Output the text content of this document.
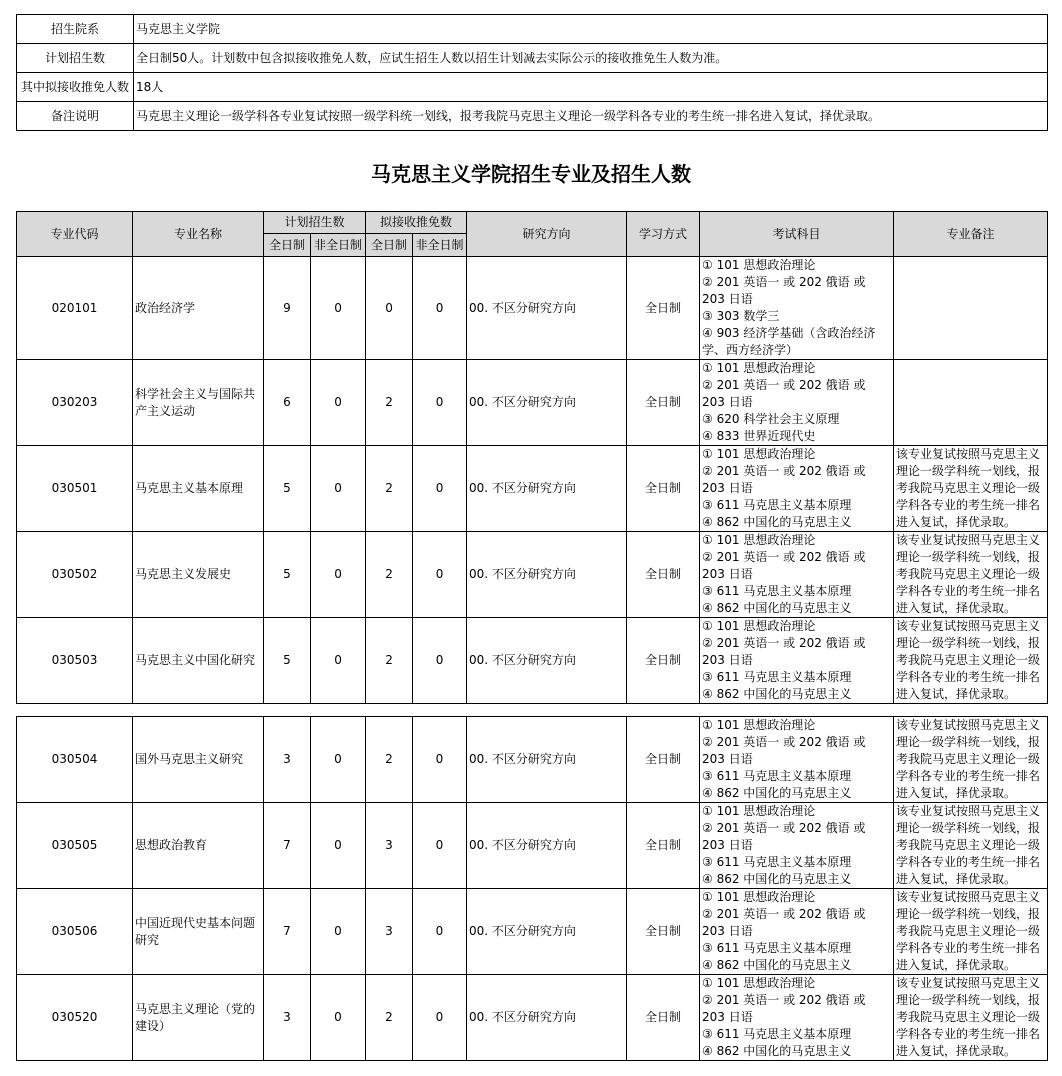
招生院系	马克思主义学院
计划招生数	全日制50人。计划数中包含拟接收推免人数，应试生招生人数以招生计划减去实际公示的接收推免生人数为准。
其中拟接收推免人数	18人
备注说明	马克思主义理论一级学科各专业复试按照一级学科统一划线，报考我院马克思主义理论一级学科各专业的考生统一排名进入复试，择优录取。
马克思主义学院招生专业及招生人数
专业代码	专业名称	计划招生数		拟接收推免数		研究方向	学习方式	考试科目	专业备注
		全日制	非全日制	全日制	非全日制				
020101	政治经济学	9	0	0	0	00. 不区分研究方向	全日制	① 101 思想政治理论
② 201 英语一 或 202 俄语 或 203 日语
③ 303 数学三
④ 903 经济学基础（含政治经济学、西方经济学）	

030203	科学社会主义与国际共产主义运动	6	0	2	0	00. 不区分研究方向	全日制	① 101 思想政治理论
② 201 英语一 或 202 俄语 或 203 日语
③ 620 科学社会主义原理
④ 833 世界近现代史	

030501	马克思主义基本原理	5	0	2	0	00. 不区分研究方向	全日制	① 101 思想政治理论
② 201 英语一 或 202 俄语 或 203 日语
③ 611 马克思主义基本原理
④ 862 中国化的马克思主义	该专业复试按照马克思主义理论一级学科统一划线，报考我院马克思主义理论一级学科各专业的考生统一排名进入复试，择优录取。
030502	马克思主义发展史	5	0	2	0	00. 不区分研究方向	全日制	① 101 思想政治理论
② 201 英语一 或 202 俄语 或 203 日语
③ 611 马克思主义基本原理
④ 862 中国化的马克思主义	该专业复试按照马克思主义理论一级学科统一划线，报考我院马克思主义理论一级学科各专业的考生统一排名进入复试，择优录取。
030503	马克思主义中国化研究	5	0	2	0	00. 不区分研究方向	全日制	① 101 思想政治理论
② 201 英语一 或 202 俄语 或 203 日语
③ 611 马克思主义基本原理
④ 862 中国化的马克思主义	该专业复试按照马克思主义理论一级学科统一划线，报考我院马克思主义理论一级学科各专业的考生统一排名进入复试，择优录取。
030504	国外马克思主义研究	3	0	2	0	00. 不区分研究方向	全日制	① 101 思想政治理论
② 201 英语一 或 202 俄语 或 203 日语
③ 611 马克思主义基本原理
④ 862 中国化的马克思主义	该专业复试按照马克思主义理论一级学科统一划线，报考我院马克思主义理论一级学科各专业的考生统一排名进入复试，择优录取。
030505	思想政治教育	7	0	3	0	00. 不区分研究方向	全日制	① 101 思想政治理论
② 201 英语一 或 202 俄语 或 203 日语
③ 611 马克思主义基本原理
④ 862 中国化的马克思主义	该专业复试按照马克思主义理论一级学科统一划线，报考我院马克思主义理论一级学科各专业的考生统一排名进入复试，择优录取。
030506	中国近现代史基本问题研究	7	0	3	0	00. 不区分研究方向	全日制	① 101 思想政治理论
② 201 英语一 或 202 俄语 或 203 日语
③ 611 马克思主义基本原理
④ 862 中国化的马克思主义	该专业复试按照马克思主义理论一级学科统一划线，报考我院马克思主义理论一级学科各专业的考生统一排名进入复试，择优录取。
030520	马克思主义理论（党的建设）	3	0	2	0	00. 不区分研究方向	全日制	① 101 思想政治理论
② 201 英语一 或 202 俄语 或 203 日语
③ 611 马克思主义基本原理
④ 862 中国化的马克思主义	该专业复试按照马克思主义理论一级学科统一划线，报考我院马克思主义理论一级学科各专业的考生统一排名进入复试，择优录取。
